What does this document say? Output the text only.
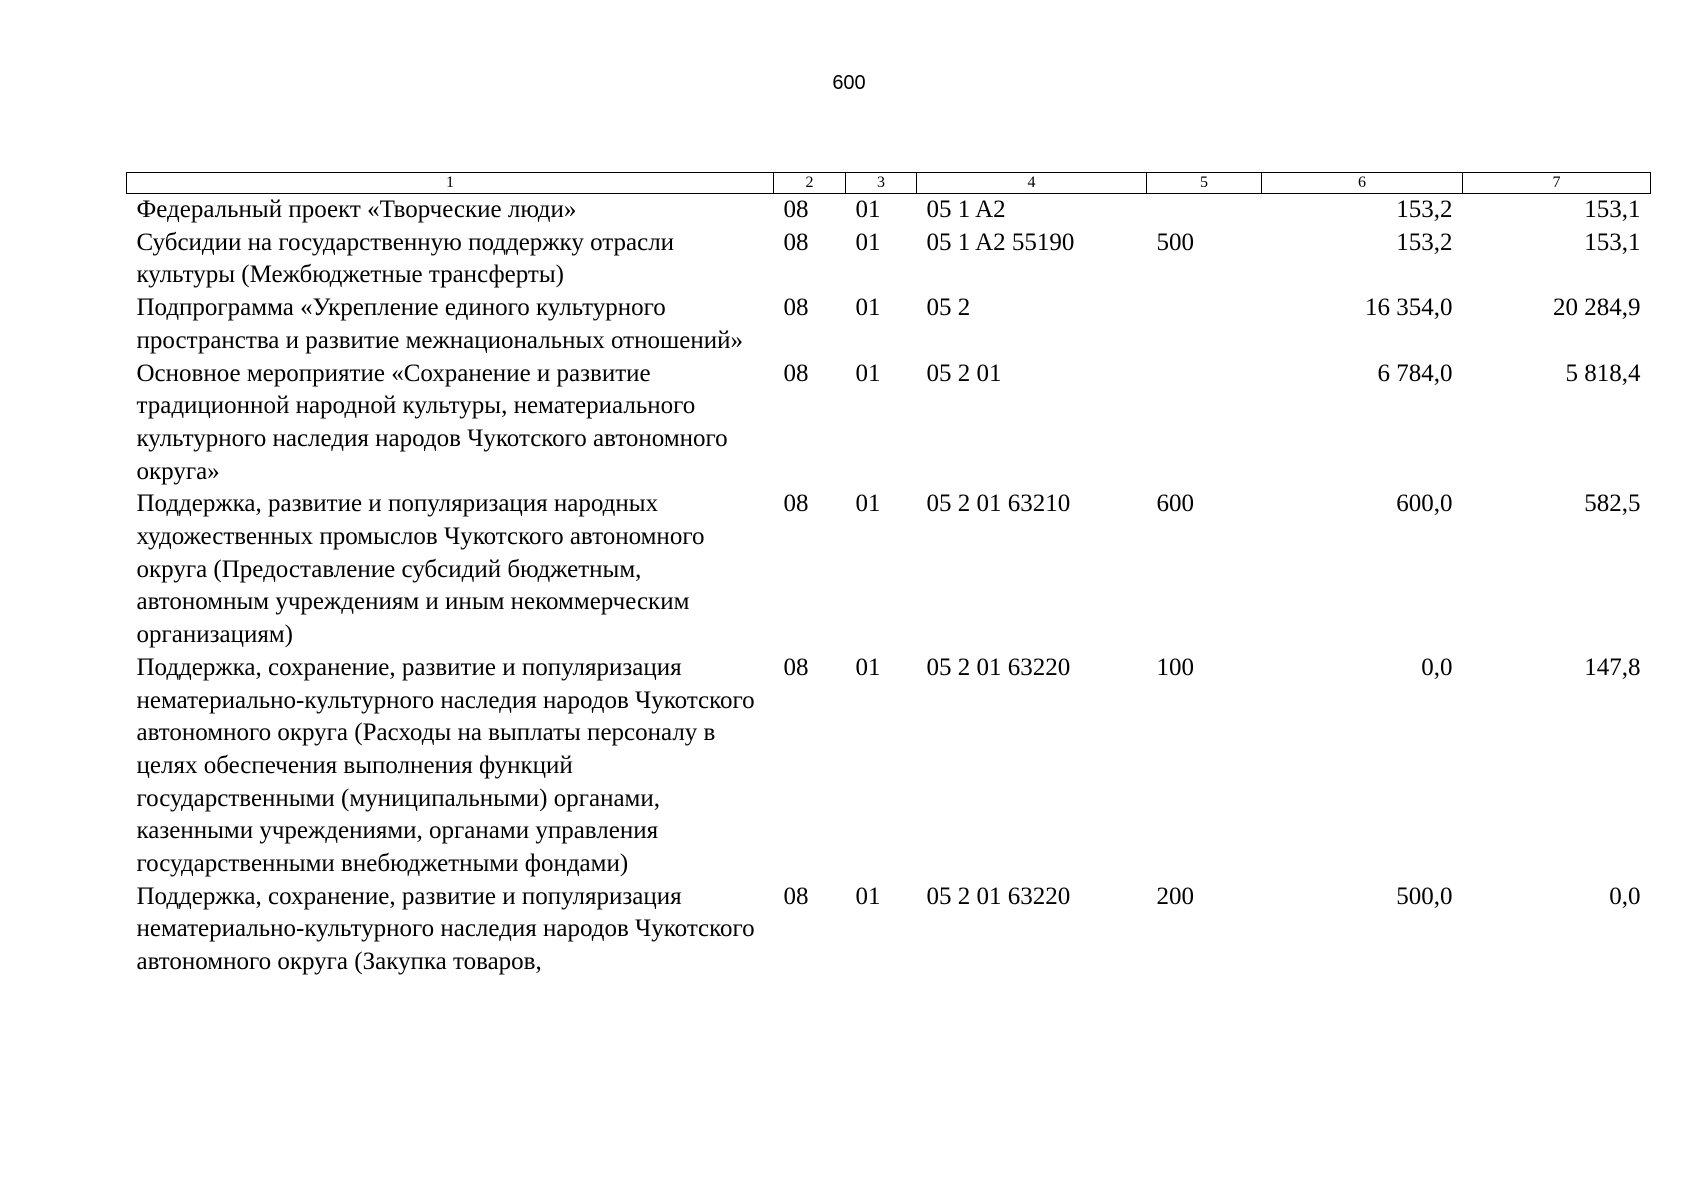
600
1	2	3	4	5	6	7
Федеральный проект «Творческие люди»	08	01	05 1 A2		153,2	153,1
Субсидии на государственную поддержку отрасли культуры (Межбюджетные трансферты)	08	01	05 1 A2 55190	500	153,2	153,1
Подпрограмма «Укрепление единого культурного пространства и развитие межнациональных отношений»	08	01	05 2		16 354,0	20 284,9
Основное мероприятие «Сохранение и развитие традиционной народной культуры, нематериального культурного наследия народов Чукотского автономного округа»	08	01	05 2 01		6 784,0	5 818,4
Поддержка, развитие и популяризация народных художественных промыслов Чукотского автономного округа (Предоставление субсидий бюджетным, автономным учреждениям и иным некоммерческим организациям)	08	01	05 2 01 63210	600	600,0	582,5
Поддержка, сохранение, развитие и популяризация нематериально-культурного наследия народов Чукотского автономного округа (Расходы на выплаты персоналу в целях обеспечения выполнения функций государственными (муниципальными) органами, казенными учреждениями, органами управления государственными внебюджетными фондами)	08	01	05 2 01 63220	100	0,0	147,8
Поддержка, сохранение, развитие и популяризация нематериально-культурного наследия народов Чукотского автономного округа (Закупка товаров,	08	01	05 2 01 63220	200	500,0	0,0
